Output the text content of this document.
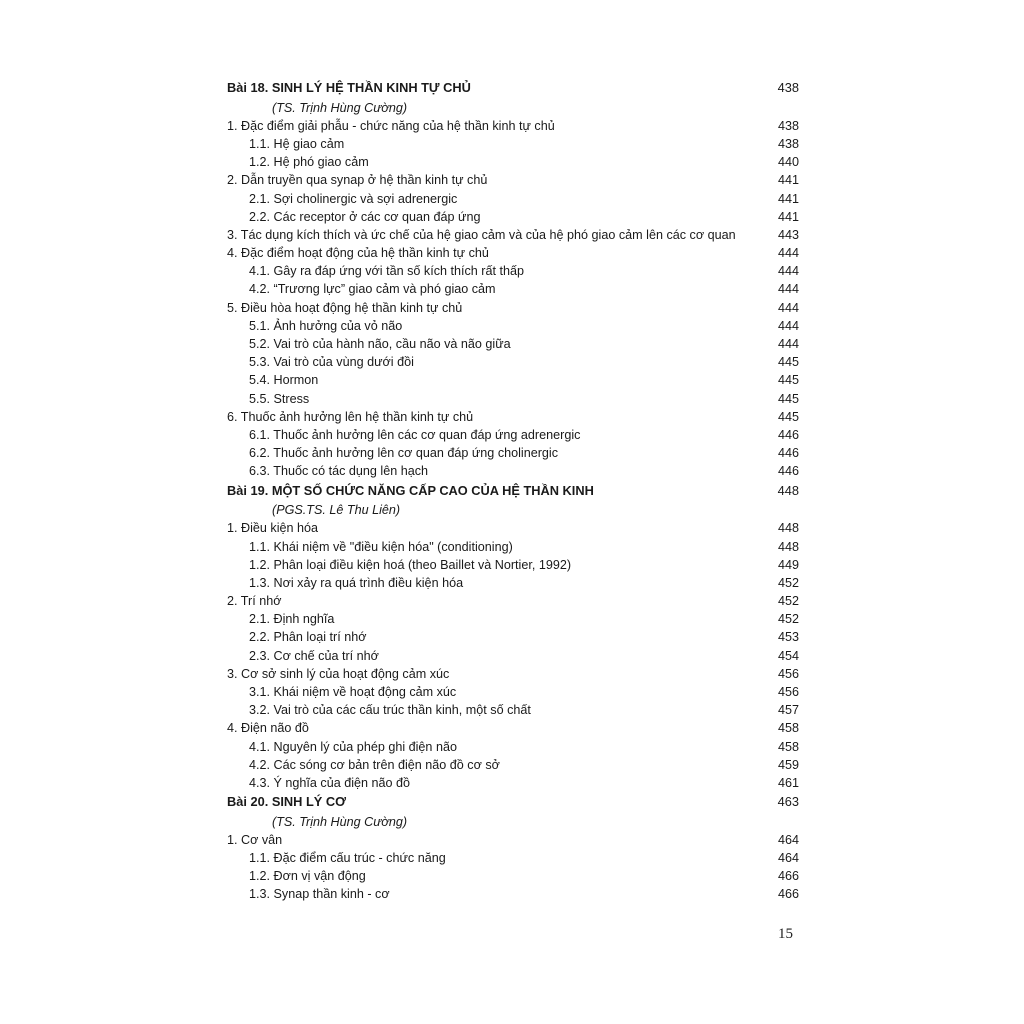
Bài 18. SINH LÝ HỆ THẦN KINH TỰ CHỦ	438
(TS. Trịnh Hùng Cường)
1. Đặc điểm giải phẫu - chức năng của hệ thần kinh tự chủ	438
1.1. Hệ giao cảm	438
1.2. Hệ phó giao cảm	440
2. Dẫn truyền qua synap ở hệ thần kinh tự chủ	441
2.1. Sợi cholinergic và sợi adrenergic	441
2.2. Các receptor ở các cơ quan đáp ứng	441
3. Tác dụng kích thích và ức chế của hệ giao cảm và của hệ phó giao cảm lên các cơ quan	443
4. Đặc điểm hoạt động của hệ thần kinh tự chủ	444
4.1. Gây ra đáp ứng với tần số kích thích rất thấp	444
4.2. “Trương lực” giao cảm và phó giao cảm	444
5. Điều hòa hoạt động hệ thần kinh tự chủ	444
5.1. Ảnh hưởng của vỏ não	444
5.2. Vai trò của hành não, cầu não và não giữa	444
5.3. Vai trò của vùng dưới đồi	445
5.4. Hormon	445
5.5. Stress	445
6. Thuốc ảnh hưởng lên hệ thần kinh tự chủ	445
6.1. Thuốc ảnh hưởng lên các cơ quan đáp ứng adrenergic	446
6.2. Thuốc ảnh hưởng lên cơ quan đáp ứng cholinergic	446
6.3. Thuốc có tác dụng lên hạch	446
Bài 19. MỘT SỐ CHỨC NĂNG CẤP CAO CỦA HỆ THẦN KINH	448
(PGS.TS. Lê Thu Liên)
1. Điều kiện hóa	448
1.1. Khái niệm về "điều kiện hóa" (conditioning)	448
1.2. Phân loại điều kiện hoá (theo Baillet và Nortier, 1992)	449
1.3. Nơi xảy ra quá trình điều kiện hóa	452
2. Trí nhớ	452
2.1. Định nghĩa	452
2.2. Phân loại trí nhớ	453
2.3. Cơ chế của trí nhớ	454
3. Cơ sở sinh lý của hoạt động cảm xúc	456
3.1. Khái niệm về hoạt động cảm xúc	456
3.2. Vai trò của các cấu trúc thần kinh, một số chất	457
4. Điện não đồ	458
4.1. Nguyên lý của phép ghi điện não	458
4.2. Các sóng cơ bản trên điện não đồ cơ sở	459
4.3. Ý nghĩa của điện não đồ	461
Bài 20. SINH LÝ CƠ	463
(TS. Trịnh Hùng Cường)
1. Cơ vân	464
1.1. Đặc điểm cấu trúc - chức năng	464
1.2. Đơn vị vận động	466
1.3. Synap thần kinh - cơ	466
15
